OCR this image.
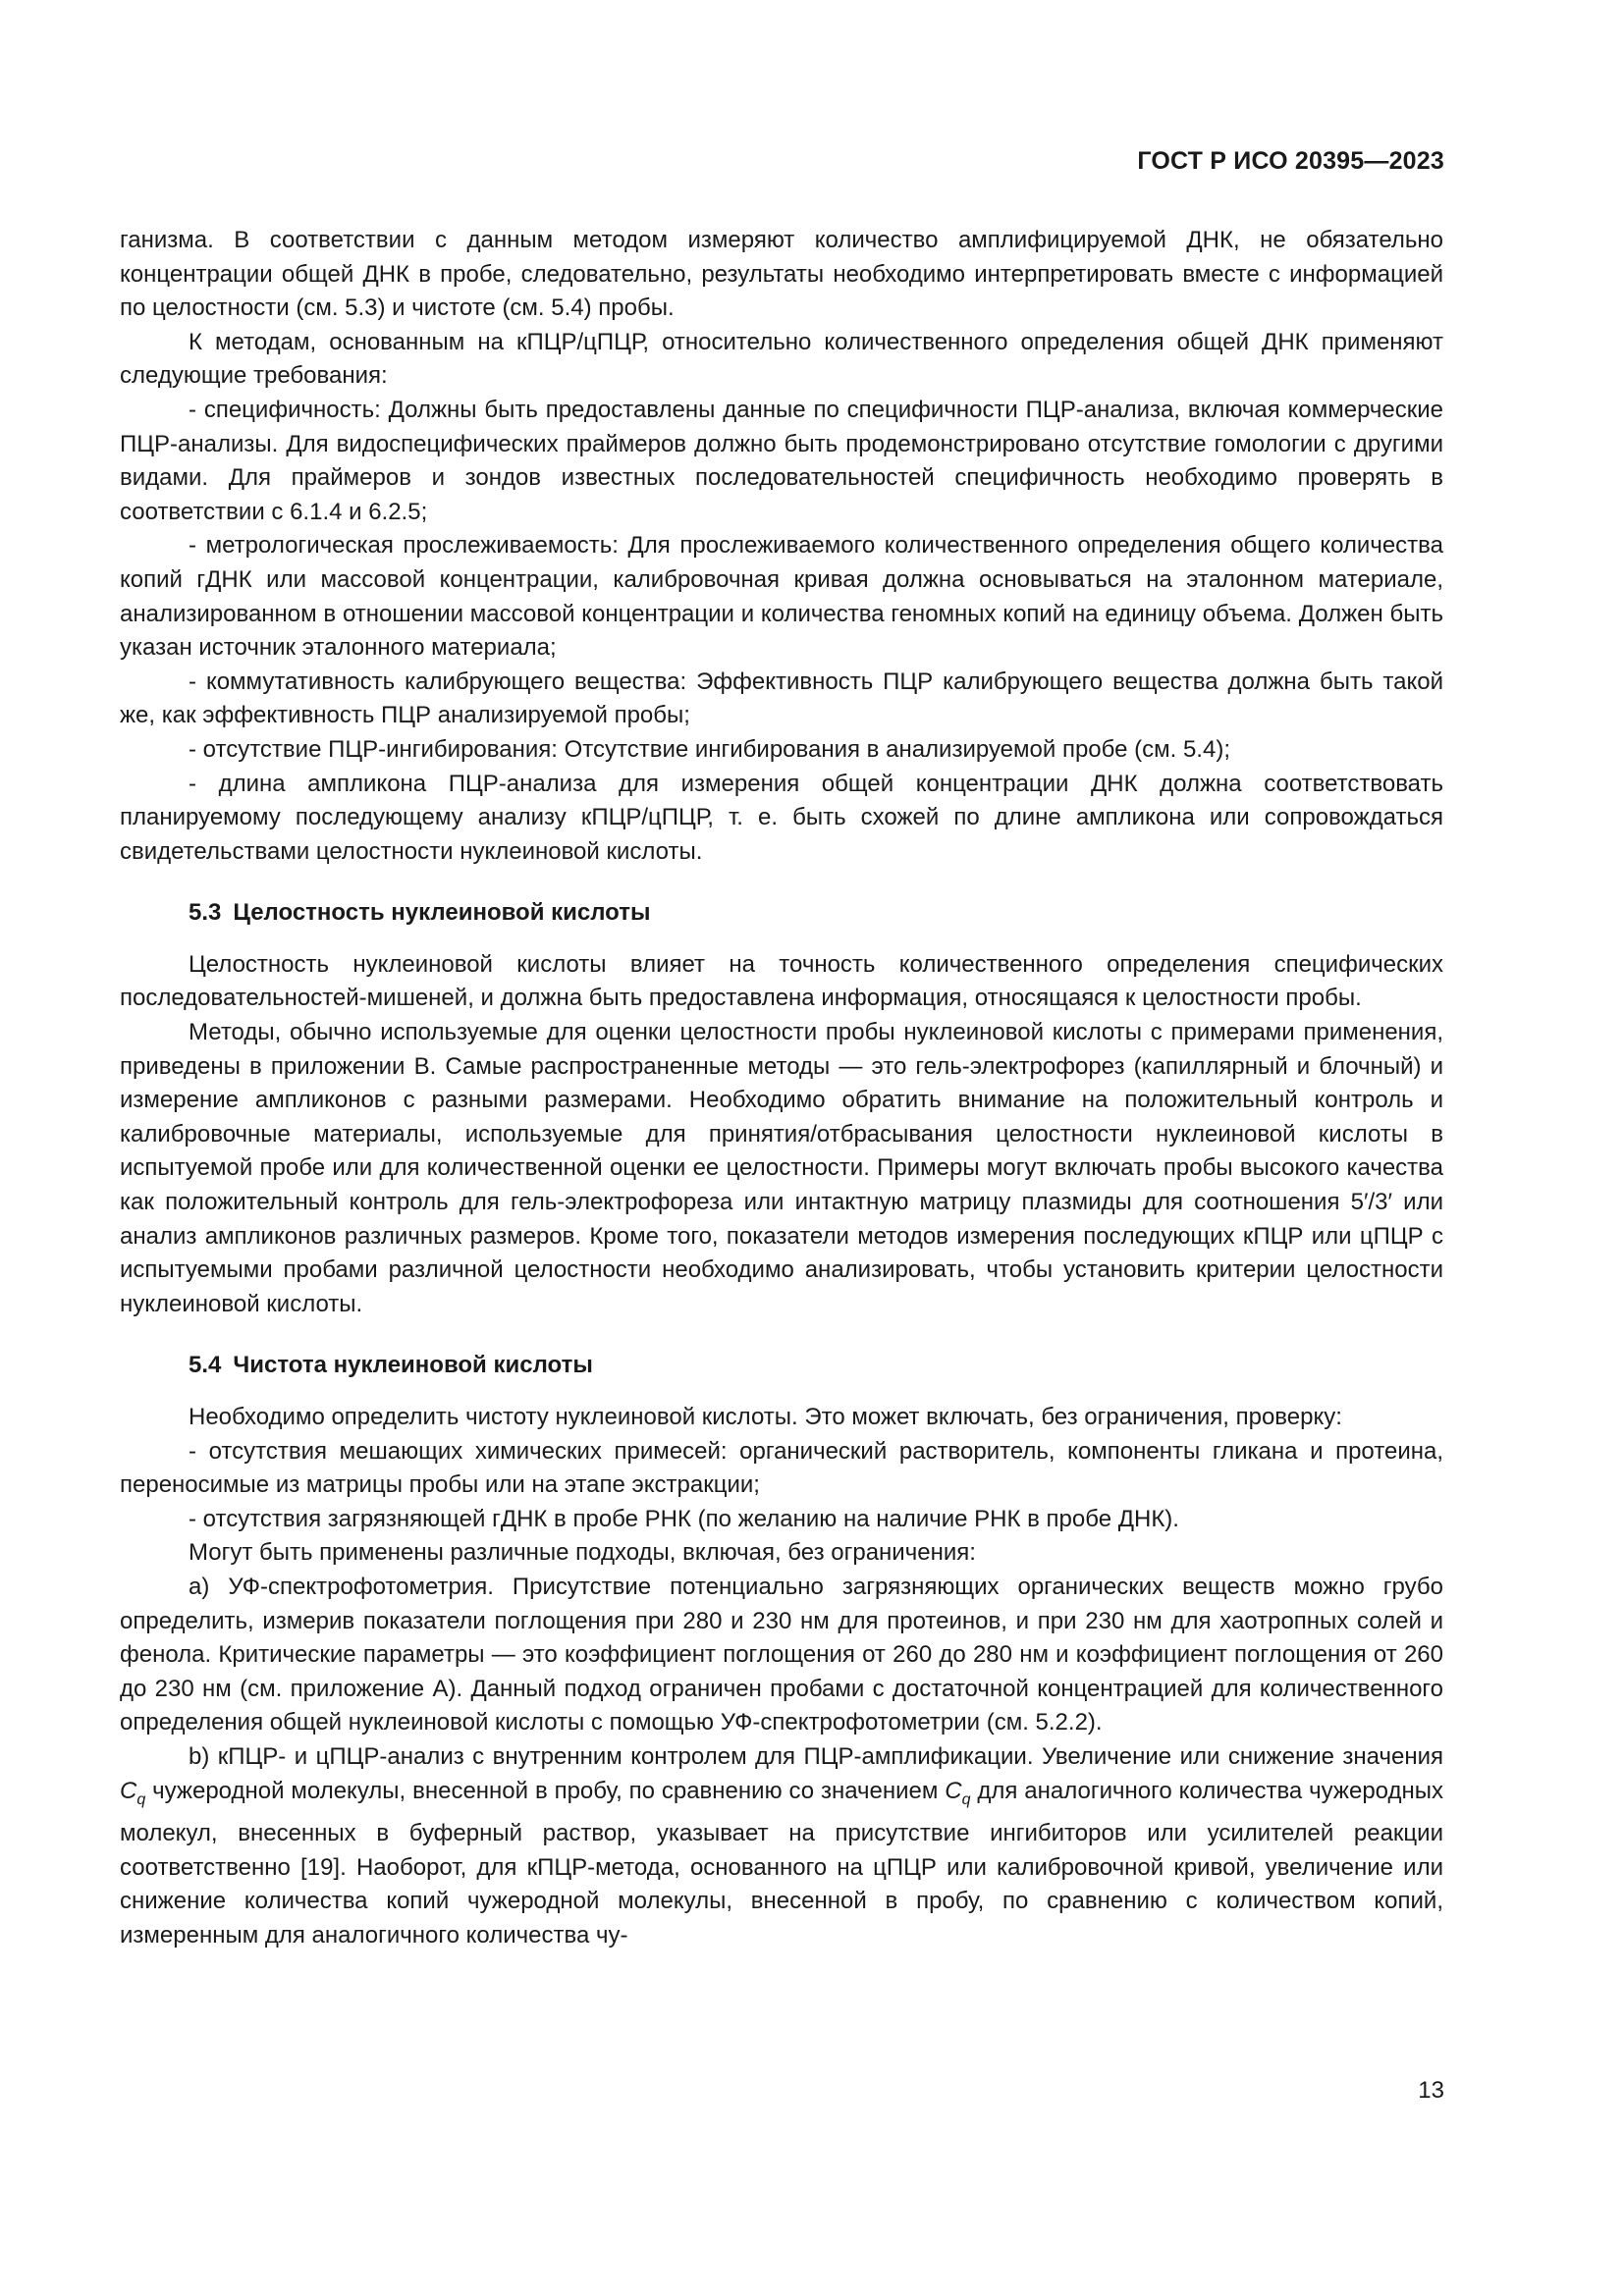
ГОСТ Р ИСО 20395—2023

ганизма. В соответствии с данным методом измеряют количество амплифицируемой ДНК, не обязательно концентрации общей ДНК в пробе, следовательно, результаты необходимо интерпретировать вместе с информацией по целостности (см. 5.3) и чистоте (см. 5.4) пробы.

К методам, основанным на кПЦР/цПЦР, относительно количественного определения общей ДНК применяют следующие требования:

- специфичность: Должны быть предоставлены данные по специфичности ПЦР-анализа, включая коммерческие ПЦР-анализы. Для видоспецифических праймеров должно быть продемонстрировано отсутствие гомологии с другими видами. Для праймеров и зондов известных последовательностей специфичность необходимо проверять в соответствии с 6.1.4 и 6.2.5;

- метрологическая прослеживаемость: Для прослеживаемого количественного определения общего количества копий гДНК или массовой концентрации, калибровочная кривая должна основываться на эталонном материале, анализированном в отношении массовой концентрации и количества геномных копий на единицу объема. Должен быть указан источник эталонного материала;

- коммутативность калибрующего вещества: Эффективность ПЦР калибрующего вещества должна быть такой же, как эффективность ПЦР анализируемой пробы;

- отсутствие ПЦР-ингибирования: Отсутствие ингибирования в анализируемой пробе (см. 5.4);

- длина ампликона ПЦР-анализа для измерения общей концентрации ДНК должна соответствовать планируемому последующему анализу кПЦР/цПЦР, т. е. быть схожей по длине ампликона или сопровождаться свидетельствами целостности нуклеиновой кислоты.

5.3 Целостность нуклеиновой кислоты

Целостность нуклеиновой кислоты влияет на точность количественного определения специфических последовательностей-мишеней, и должна быть предоставлена информация, относящаяся к целостности пробы.

Методы, обычно используемые для оценки целостности пробы нуклеиновой кислоты с примерами применения, приведены в приложении В. Самые распространенные методы — это гель-электрофорез (капиллярный и блочный) и измерение ампликонов с разными размерами. Необходимо обратить внимание на положительный контроль и калибровочные материалы, используемые для принятия/отбрасывания целостности нуклеиновой кислоты в испытуемой пробе или для количественной оценки ее целостности. Примеры могут включать пробы высокого качества как положительный контроль для гель-электрофореза или интактную матрицу плазмиды для соотношения 5′/3′ или анализ ампликонов различных размеров. Кроме того, показатели методов измерения последующих кПЦР или цПЦР с испытуемыми пробами различной целостности необходимо анализировать, чтобы установить критерии целостности нуклеиновой кислоты.

5.4 Чистота нуклеиновой кислоты

Необходимо определить чистоту нуклеиновой кислоты. Это может включать, без ограничения, проверку:

- отсутствия мешающих химических примесей: органический растворитель, компоненты гликана и протеина, переносимые из матрицы пробы или на этапе экстракции;

- отсутствия загрязняющей гДНК в пробе РНК (по желанию на наличие РНК в пробе ДНК).

Могут быть применены различные подходы, включая, без ограничения:

а) УФ-спектрофотометрия. Присутствие потенциально загрязняющих органических веществ можно грубо определить, измерив показатели поглощения при 280 и 230 нм для протеинов, и при 230 нм для хаотропных солей и фенола. Критические параметры — это коэффициент поглощения от 260 до 280 нм и коэффициент поглощения от 260 до 230 нм (см. приложение А). Данный подход ограничен пробами с достаточной концентрацией для количественного определения общей нуклеиновой кислоты с помощью УФ-спектрофотометрии (см. 5.2.2).

b) кПЦР- и цПЦР-анализ с внутренним контролем для ПЦР-амплификации. Увеличение или снижение значения $C_q$ чужеродной молекулы, внесенной в пробу, по сравнению со значением $C_q$ для аналогичного количества чужеродных молекул, внесенных в буферный раствор, указывает на присутствие ингибиторов или усилителей реакции соответственно [19]. Наоборот, для кПЦР-метода, основанного на цПЦР или калибровочной кривой, увеличение или снижение количества копий чужеродной молекулы, внесенной в пробу, по сравнению с количеством копий, измеренным для аналогичного количества чу-

13
